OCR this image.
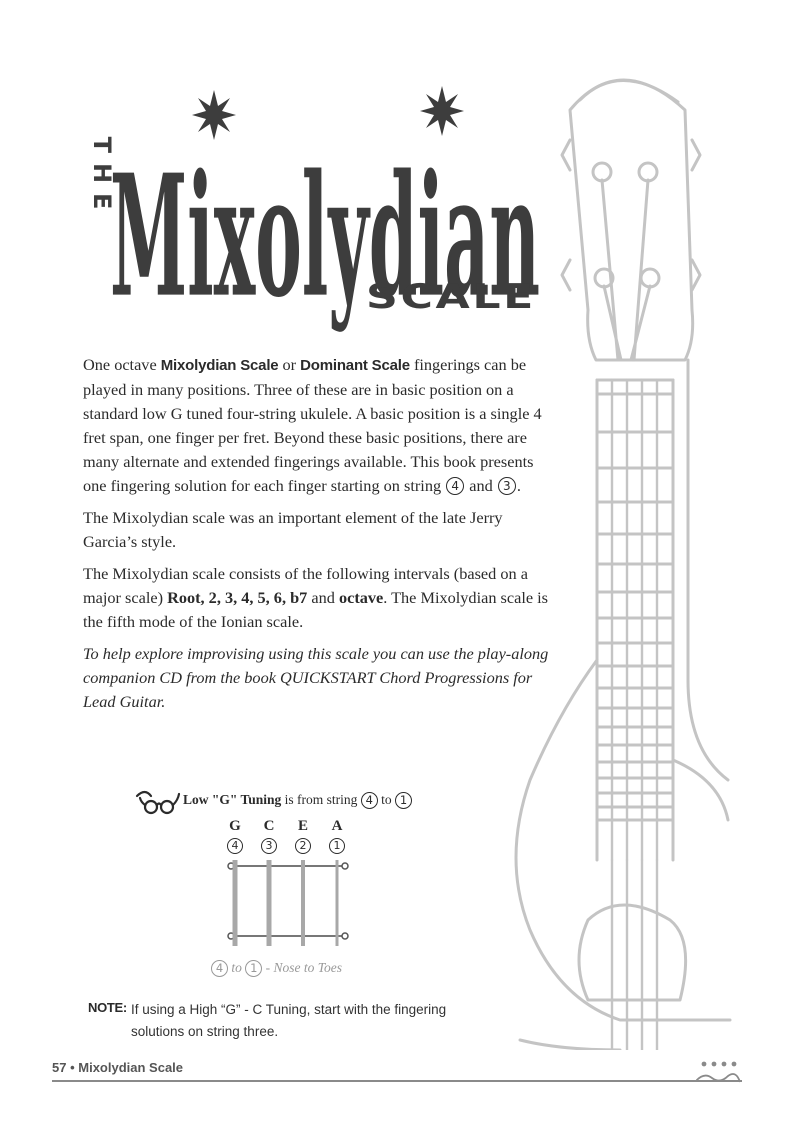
THE
Mixolydian
SCALE

One octave Mixolydian Scale or Dominant Scale fingerings can be played in many positions. Three of these are in basic position on a standard low G tuned four-string ukulele. A basic position is a single 4 fret span, one finger per fret. Beyond these basic positions, there are many alternate and extended fingerings available. This book presents one fingering solution for each finger starting on string 4 and 3 .

The Mixolydian scale was an important element of the late Jerry Garcia’s style.

The Mixolydian scale consists of the following intervals (based on a major scale) Root, 2, 3, 4, 5, 6, b7 and octave. The Mixolydian scale is the fifth mode of the Ionian scale.

To help explore improvising using this scale you can use the play-along companion CD from the book QUICKSTART Chord Progressions for Lead Guitar.

Low "G" Tuning is from string 4 to 1
G	C	E	A
4	3	2	1
4 to 1 - Nose to Toes
NOTE: If using a High “G” - C Tuning, start with the fingering solutions on string three.
57 • Mixolydian Scale
